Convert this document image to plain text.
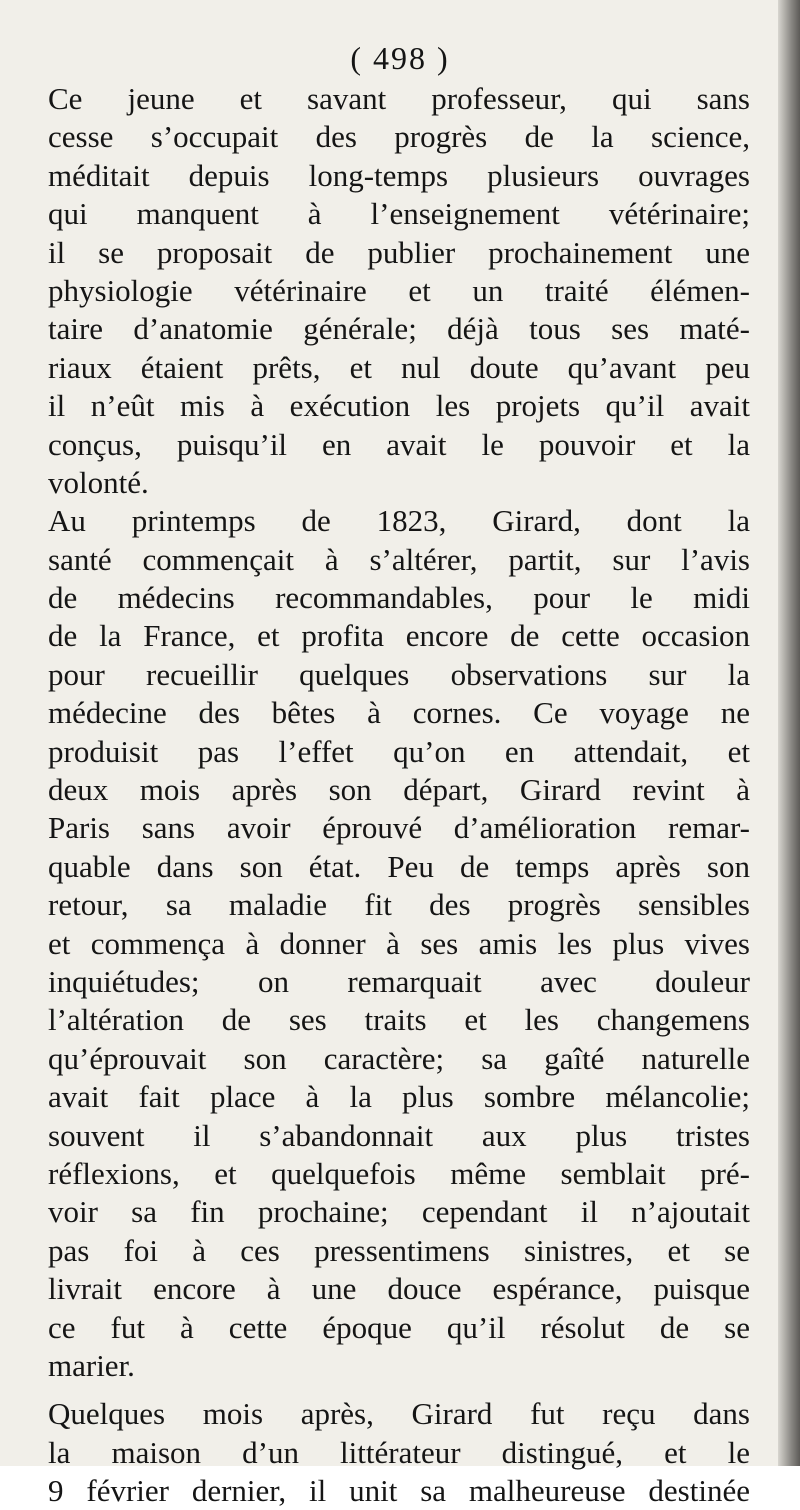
( 498 )
Ce jeune et savant professeur, qui sans
cesse s’occupait des progrès de la science,
méditait depuis long-temps plusieurs ouvrages
qui manquent à l’enseignement vétérinaire;
il se proposait de publier prochainement une
physiologie vétérinaire et un traité élémen-
taire d’anatomie générale; déjà tous ses maté-
riaux étaient prêts, et nul doute qu’avant peu
il n’eût mis à exécution les projets qu’il avait
conçus, puisqu’il en avait le pouvoir et la
volonté.
Au printemps de 1823, Girard, dont la
santé commençait à s’altérer, partit, sur l’avis
de médecins recommandables, pour le midi
de la France, et profita encore de cette occasion
pour recueillir quelques observations sur la
médecine des bêtes à cornes. Ce voyage ne
produisit pas l’effet qu’on en attendait, et
deux mois après son départ, Girard revint à
Paris sans avoir éprouvé d’amélioration remar-
quable dans son état. Peu de temps après son
retour, sa maladie fit des progrès sensibles
et commença à donner à ses amis les plus vives
inquiétudes; on remarquait avec douleur
l’altération de ses traits et les changemens
qu’éprouvait son caractère; sa gaîté naturelle
avait fait place à la plus sombre mélancolie;
souvent il s’abandonnait aux plus tristes
réflexions, et quelquefois même semblait pré-
voir sa fin prochaine; cependant il n’ajoutait
pas foi à ces pressentimens sinistres, et se
livrait encore à une douce espérance, puisque
ce fut à cette époque qu’il résolut de se
marier.
Quelques mois après, Girard fut reçu dans
la maison d’un littérateur distingué, et le
9 février dernier, il unit sa malheureuse destinée
